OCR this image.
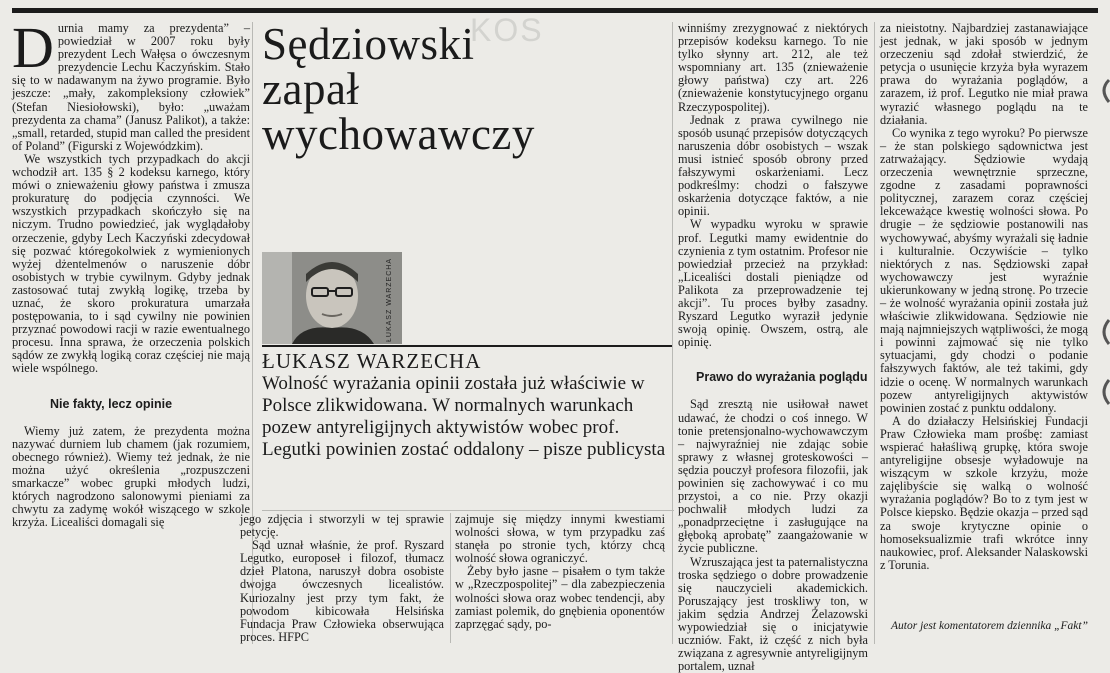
KOS
D urnia mamy za prezydenta” – powiedział w 2007 roku były prezydent Lech Wałęsa o ówczesnym prezydencie Lechu Kaczyńskim. Stało się to w nadawanym na żywo programie. Było jeszcze: „mały, zakompleksiony człowiek” (Stefan Niesiołowski), było: „uważam prezydenta za chama” (Janusz Palikot), a także: „small, retarded, stupid man called the president of Poland” (Figurski z Wojewódzkim).

We wszystkich tych przypadkach do akcji wchodził art. 135 § 2 kodeksu karnego, który mówi o znieważeniu głowy państwa i zmusza prokuraturę do podjęcia czynności. We wszystkich przypadkach skończyło się na niczym. Trudno powiedzieć, jak wyglądałoby orzeczenie, gdyby Lech Kaczyński zdecydował się pozwać któregokolwiek z wymienionych wyżej dżentelmenów o naruszenie dóbr osobistych w trybie cywilnym. Gdyby jednak zastosować tutaj zwykłą logikę, trzeba by uznać, że skoro prokuratura umarzała postępowania, to i sąd cywilny nie powinien przyznać powodowi racji w razie ewentualnego procesu. Inna sprawa, że orzeczenia polskich sądów ze zwykłą logiką coraz częściej nie mają wiele wspólnego.

Nie fakty, lecz opinie

Wiemy już zatem, że prezydenta można nazywać durniem lub chamem (jak rozumiem, obecnego również). Wiemy też jednak, że nie można użyć określenia „rozpuszczeni smarkacze” wobec grupki młodych ludzi, których nagrodzono salonowymi pieniami za chwytu za zadymę wokół wiszącego w szkole krzyża. Licealiści domagali się

Sędziowski
zapał
wychowawczy
ŁUKASZ WARZECHA

ŁUKASZ WARZECHA

Wolność wyrażania opinii została już właściwie w Polsce zlikwidowana. W normalnych warunkach pozew antyreligijnych aktywistów wobec prof. Legutki powinien zostać oddalony – pisze publicysta

jego zdjęcia i stworzyli w tej sprawie petycję.

Sąd uznał właśnie, że prof. Ryszard Legutko, europoseł i filozof, tłumacz dzieł Platona, naruszył dobra osobiste dwojga ówczesnych licealistów. Kuriozalny jest przy tym fakt, że powodom kibicowała Helsińska Fundacja Praw Człowieka obserwująca proces. HFPC

zajmuje się między innymi kwestiami wolności słowa, w tym przypadku zaś stanęła po stronie tych, którzy chcą wolność słowa ograniczyć.

Żeby było jasne – pisałem o tym także w „Rzeczpospolitej” – dla zabezpieczenia wolności słowa oraz wobec tendencji, aby zamiast polemik, do gnębienia oponentów zaprzęgać sądy, po-

winniśmy zrezygnować z niektórych przepisów kodeksu karnego. To nie tylko słynny art. 212, ale też wspomniany art. 135 (znieważenie głowy państwa) czy art. 226 (znieważenie konstytucyjnego organu Rzeczypospolitej).

Jednak z prawa cywilnego nie sposób usunąć przepisów dotyczących naruszenia dóbr osobistych – wszak musi istnieć sposób obrony przed fałszywymi oskarżeniami. Lecz podkreślmy: chodzi o fałszywe oskarżenia dotyczące faktów, a nie opinii.

W wypadku wyroku w sprawie prof. Legutki mamy ewidentnie do czynienia z tym ostatnim. Profesor nie powiedział przecież na przykład: „Licealiści dostali pieniądze od Palikota za przeprowadzenie tej akcji”. Tu proces byłby zasadny. Ryszard Legutko wyraził jedynie swoją opinię. Owszem, ostrą, ale opinię.

Prawo do wyrażania poglądu

Sąd zresztą nie usiłował nawet udawać, że chodzi o coś innego. W tonie pretensjonalno-wychowawczym – najwyraźniej nie zdając sobie sprawy z własnej groteskowości – sędzia pouczył profesora filozofii, jak powinien się zachowywać i co mu przystoi, a co nie. Przy okazji pochwalił młodych ludzi za „ponadprzeciętne i zasługujące na głęboką aprobatę” zaangażowanie w życie publiczne.

Wzruszająca jest ta paternalistyczna troska sędziego o dobre prowadzenie się nauczycieli akademickich. Poruszający jest troskliwy ton, w jakim sędzia Andrzej Żelazowski wypowiedział się o inicjatywie uczniów. Fakt, iż część z nich była związana z agresywnie antyreligijnym portalem, uznał

za nieistotny. Najbardziej zastanawiające jest jednak, w jaki sposób w jednym orzeczeniu sąd zdołał stwierdzić, że petycja o usunięcie krzyża była wyrazem prawa do wyrażania poglądów, a zarazem, iż prof. Legutko nie miał prawa wyrazić własnego poglądu na te działania.

Co wynika z tego wyroku? Po pierwsze – że stan polskiego sądownictwa jest zatrważający. Sędziowie wydają orzeczenia wewnętrznie sprzeczne, zgodne z zasadami poprawności politycznej, zarazem coraz częściej lekceważące kwestię wolności słowa. Po drugie – że sędziowie postanowili nas wychowywać, abyśmy wyrażali się ładnie i kulturalnie. Oczywiście – tylko niektórych z nas. Sędziowski zapał wychowawczy jest wyraźnie ukierunkowany w jedną stronę. Po trzecie – że wolność wyrażania opinii została już właściwie zlikwidowana. Sędziowie nie mają najmniejszych wątpliwości, że mogą i powinni zajmować się nie tylko sytuacjami, gdy chodzi o podanie fałszywych faktów, ale też takimi, gdy idzie o ocenę. W normalnych warunkach pozew antyreligijnych aktywistów powinien zostać z punktu oddalony.

A do działaczy Helsińskiej Fundacji Praw Człowieka mam prośbę: zamiast wspierać hałaśliwą grupkę, która swoje antyreligijne obsesje wyładowuje na wiszącym w szkole krzyżu, może zajęlibyście się walką o wolność wyrażania poglądów? Bo to z tym jest w Polsce kiepsko. Będzie okazja – przed sąd za swoje krytyczne opinie o homoseksualizmie trafi wkrótce inny naukowiec, prof. Aleksander Nalaskowski z Torunia.

Autor jest komentatorem dziennika „Fakt”
